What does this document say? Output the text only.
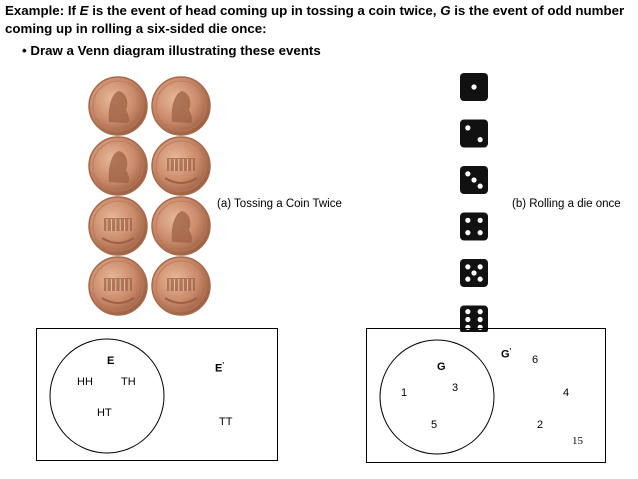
Example: If E is the event of head coming up in tossing a coin twice, G is the event of odd number coming up in rolling a six-sided die once:
• Draw a Venn diagram illustrating these events
(a) Tossing a Coin Twice	(b) Rolling a die once
E
E'
HH	TH
HT
TT
G
G'
1	3
5
6
4
2
15
